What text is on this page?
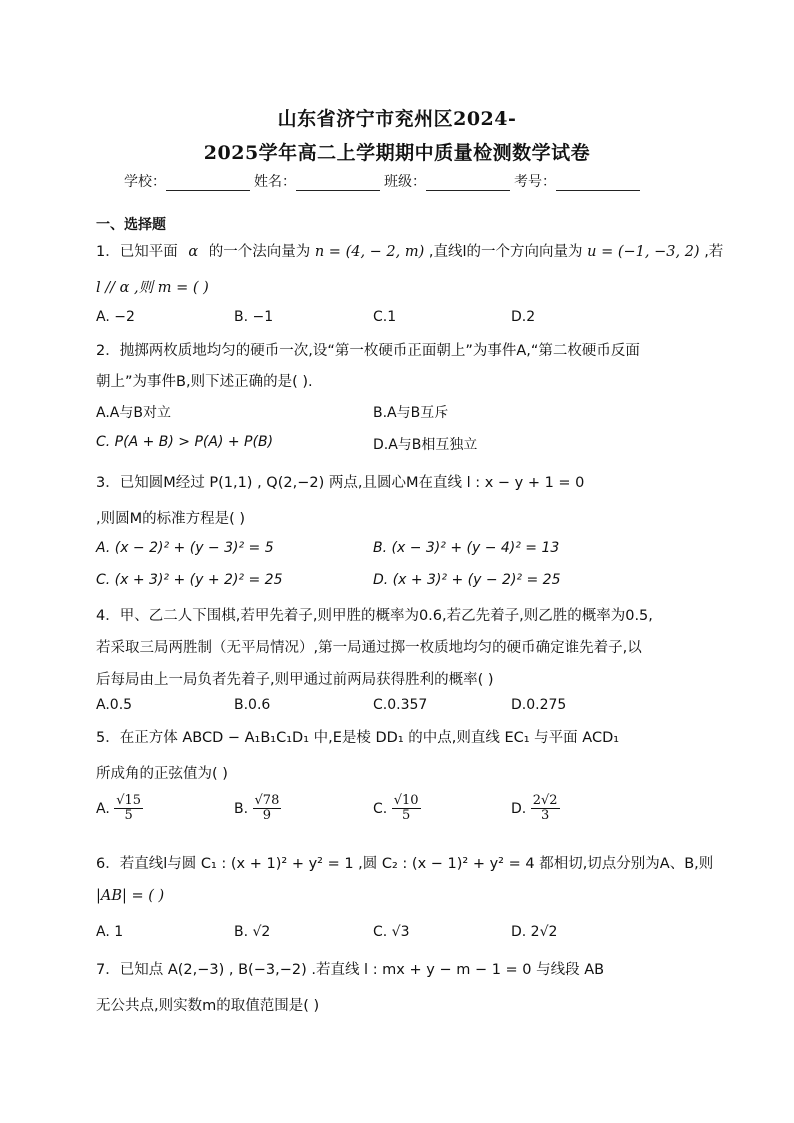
山东省济宁市兖州区2024-
2025学年高二上学期期中质量检测数学试卷
学校：	姓名：	班级：	考号：
一、选择题
1．已知平面 α 的一个法向量为 n = (4, − 2, m) ,直线l的一个方向向量为 u = (−1, −3, 2) ,若
l // α ,则 m = ( )
A. −2	B. −1	C.1	D.2
2．抛掷两枚质地均匀的硬币一次,设“第一枚硬币正面朝上”为事件A,“第二枚硬币反面
朝上”为事件B,则下述正确的是( ).
A.A与B对立	B.A与B互斥
C. P(A + B) > P(A) + P(B)	D.A与B相互独立
3．已知圆M经过 P(1,1) , Q(2,−2) 两点,且圆心M在直线 l : x − y + 1 = 0
,则圆M的标准方程是( )
A. (x − 2)² + (y − 3)² = 5	B. (x − 3)² + (y − 4)² = 13
C. (x + 3)² + (y + 2)² = 25	D. (x + 3)² + (y − 2)² = 25
4．甲、乙二人下围棋,若甲先着子,则甲胜的概率为0.6,若乙先着子,则乙胜的概率为0.5,
若采取三局两胜制（无平局情况）,第一局通过掷一枚质地均匀的硬币确定谁先着子,以
后每局由上一局负者先着子,则甲通过前两局获得胜利的概率( )
A.0.5	B.0.6	C.0.357	D.0.275
5．在正方体 ABCD − A₁B₁C₁D₁ 中,E是棱 DD₁ 的中点,则直线 EC₁ 与平面 ACD₁
所成角的正弦值为( )
A. $\frac{√15}{5}$	B. $\frac{√78}{9}$	C. $\frac{√10}{5}$	D. $\frac{2√2}{3}$
6．若直线l与圆 C₁ : (x + 1)² + y² = 1 ,圆 C₂ : (x − 1)² + y² = 4 都相切,切点分别为A、B,则
|AB| = ( )
A. 1	B. √2	C. √3	D. 2√2
7．已知点 A(2,−3) , B(−3,−2) .若直线 l : mx + y − m − 1 = 0 与线段 AB
无公共点,则实数m的取值范围是( )
